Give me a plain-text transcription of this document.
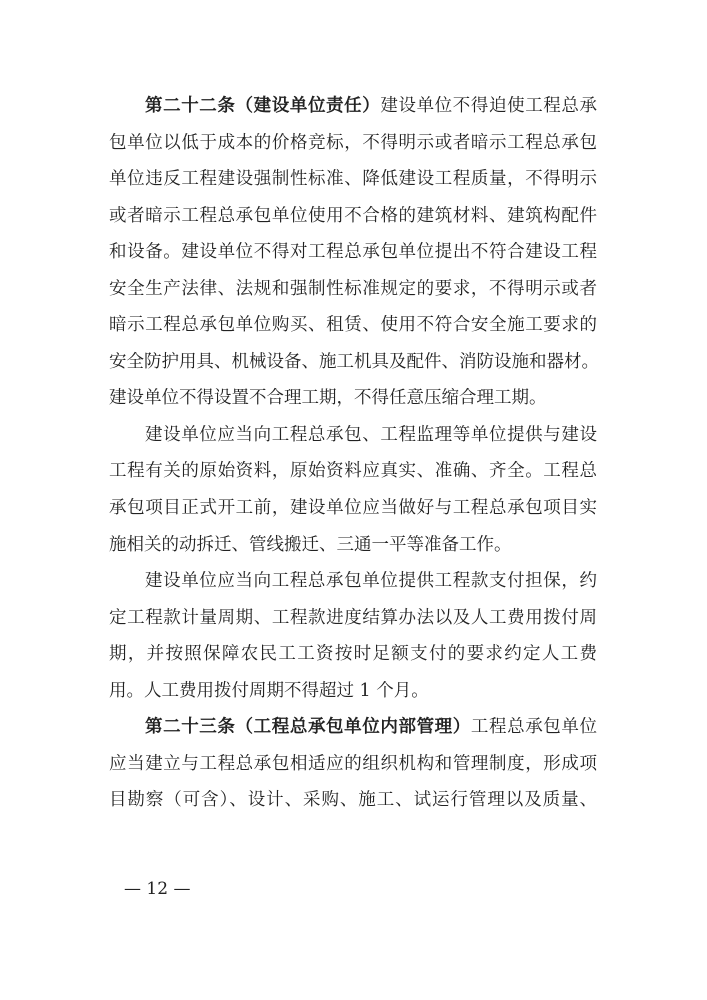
第二十二条（建设单位责任）建设单位不得迫使工程总承
包单位以低于成本的价格竞标，不得明示或者暗示工程总承包
单位违反工程建设强制性标准、降低建设工程质量，不得明示
或者暗示工程总承包单位使用不合格的建筑材料、建筑构配件
和设备。建设单位不得对工程总承包单位提出不符合建设工程
安全生产法律、法规和强制性标准规定的要求，不得明示或者
暗示工程总承包单位购买、租赁、使用不符合安全施工要求的
安全防护用具、机械设备、施工机具及配件、消防设施和器材。
建设单位不得设置不合理工期，不得任意压缩合理工期。
建设单位应当向工程总承包、工程监理等单位提供与建设
工程有关的原始资料，原始资料应真实、准确、齐全。工程总
承包项目正式开工前，建设单位应当做好与工程总承包项目实
施相关的动拆迁、管线搬迁、三通一平等准备工作。
建设单位应当向工程总承包单位提供工程款支付担保，约
定工程款计量周期、工程款进度结算办法以及人工费用拨付周
期，并按照保障农民工工资按时足额支付的要求约定人工费
用。人工费用拨付周期不得超过 1 个月。
第二十三条（工程总承包单位内部管理）工程总承包单位
应当建立与工程总承包相适应的组织机构和管理制度，形成项
目勘察（可含）、设计、采购、施工、试运行管理以及质量、
— 12 —
